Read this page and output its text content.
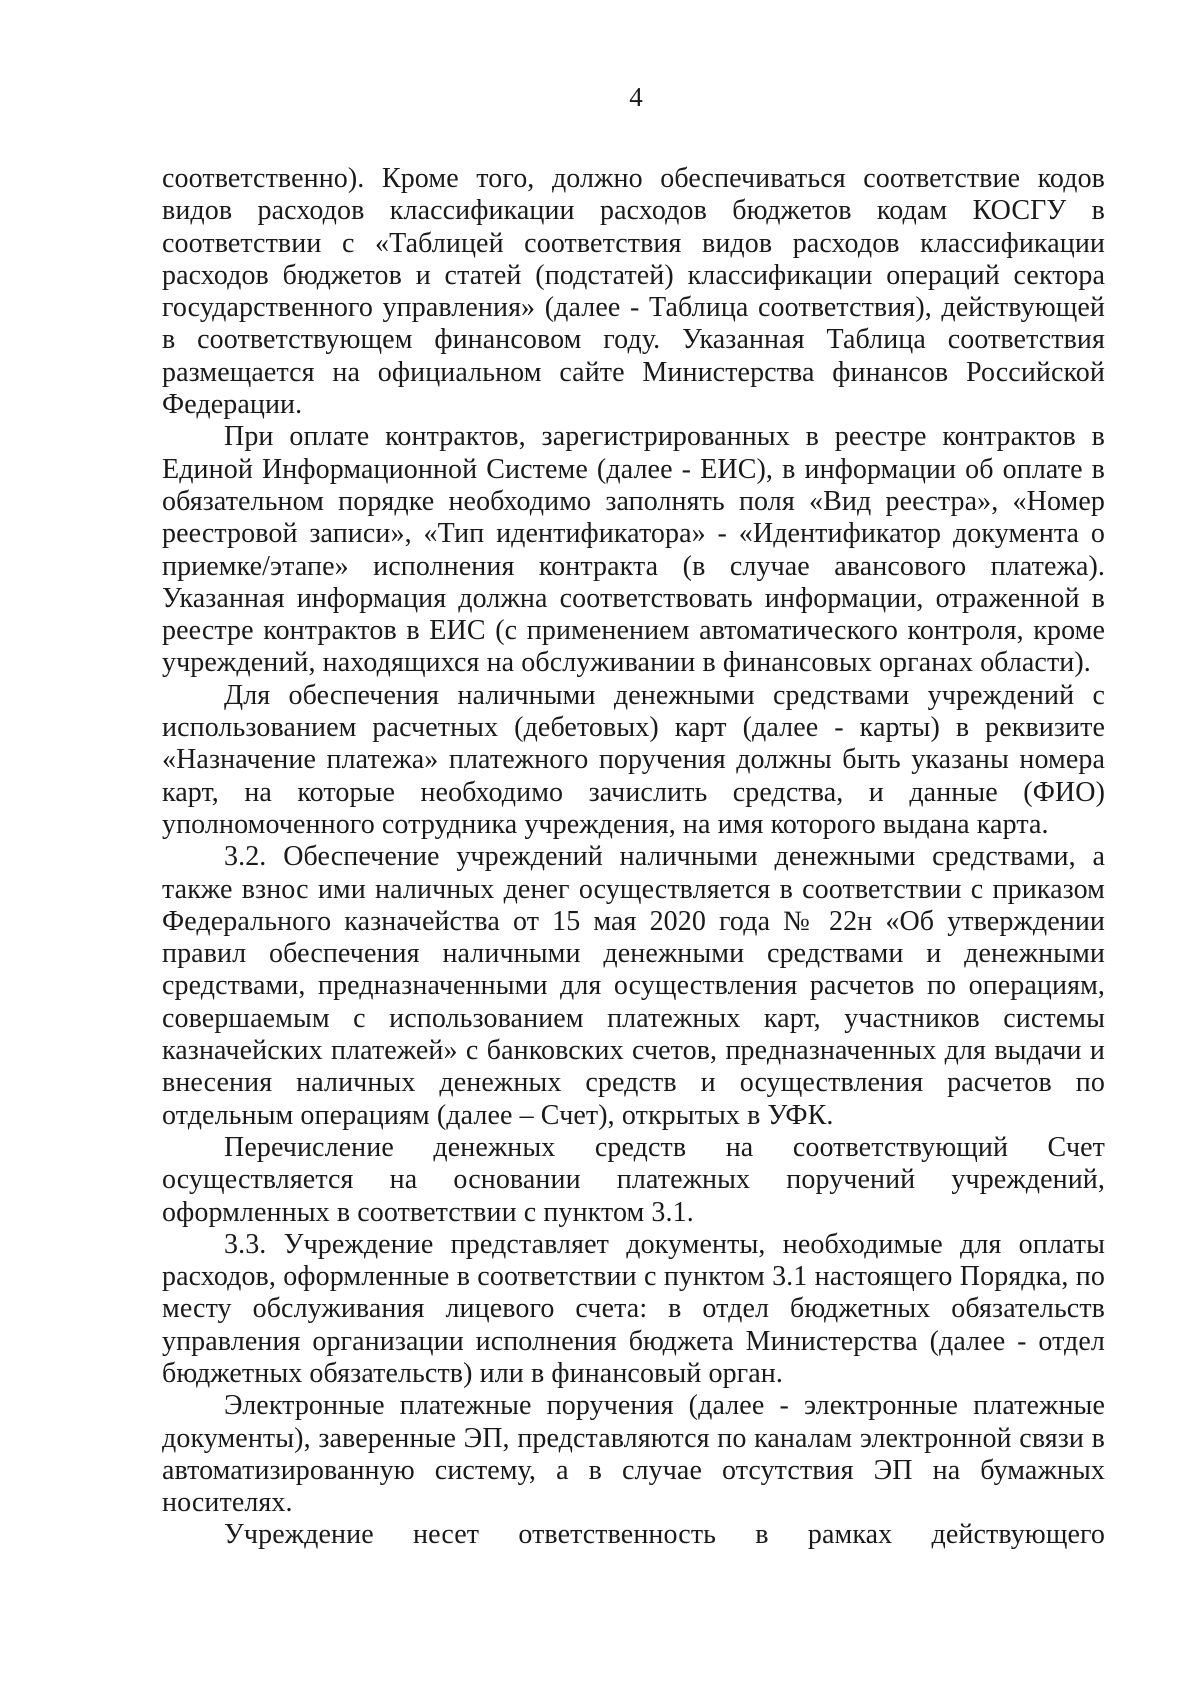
4

соответственно). Кроме того, должно обеспечиваться соответствие кодов видов расходов классификации расходов бюджетов кодам КОСГУ в соответствии с «Таблицей соответствия видов расходов классификации расходов бюджетов и статей (подстатей) классификации операций сектора государственного управления» (далее - Таблица соответствия), действующей в соответствующем финансовом году. Указанная Таблица соответствия размещается на официальном сайте Министерства финансов Российской Федерации.

При оплате контрактов, зарегистрированных в реестре контрактов в Единой Информационной Системе (далее - ЕИС), в информации об оплате в обязательном порядке необходимо заполнять поля «Вид реестра», «Номер реестровой записи», «Тип идентификатора» - «Идентификатор документа о приемке/этапе» исполнения контракта (в случае авансового платежа). Указанная информация должна соответствовать информации, отраженной в реестре контрактов в ЕИС (с применением автоматического контроля, кроме учреждений, находящихся на обслуживании в финансовых органах области).

Для обеспечения наличными денежными средствами учреждений с использованием расчетных (дебетовых) карт (далее - карты) в реквизите «Назначение платежа» платежного поручения должны быть указаны номера карт, на которые необходимо зачислить средства, и данные (ФИО) уполномоченного сотрудника учреждения, на имя которого выдана карта.

3.2. Обеспечение учреждений наличными денежными средствами, а также взнос ими наличных денег осуществляется в соответствии с приказом Федерального казначейства от 15 мая 2020 года № 22н «Об утверждении правил обеспечения наличными денежными средствами и денежными средствами, предназначенными для осуществления расчетов по операциям, совершаемым с использованием платежных карт, участников системы казначейских платежей» с банковских счетов, предназначенных для выдачи и внесения наличных денежных средств и осуществления расчетов по отдельным операциям (далее – Счет), открытых в УФК.

Перечисление денежных средств на соответствующий Счет осуществляется на основании платежных поручений учреждений, оформленных в соответствии с пунктом 3.1.

3.3. Учреждение представляет документы, необходимые для оплаты расходов, оформленные в соответствии с пунктом 3.1 настоящего Порядка, по месту обслуживания лицевого счета: в отдел бюджетных обязательств управления организации исполнения бюджета Министерства (далее - отдел бюджетных обязательств) или в финансовый орган.

Электронные платежные поручения (далее - электронные платежные документы), заверенные ЭП, представляются по каналам электронной связи в автоматизированную систему, а в случае отсутствия ЭП на бумажных носителях.

Учреждение несет ответственность в рамках действующего
